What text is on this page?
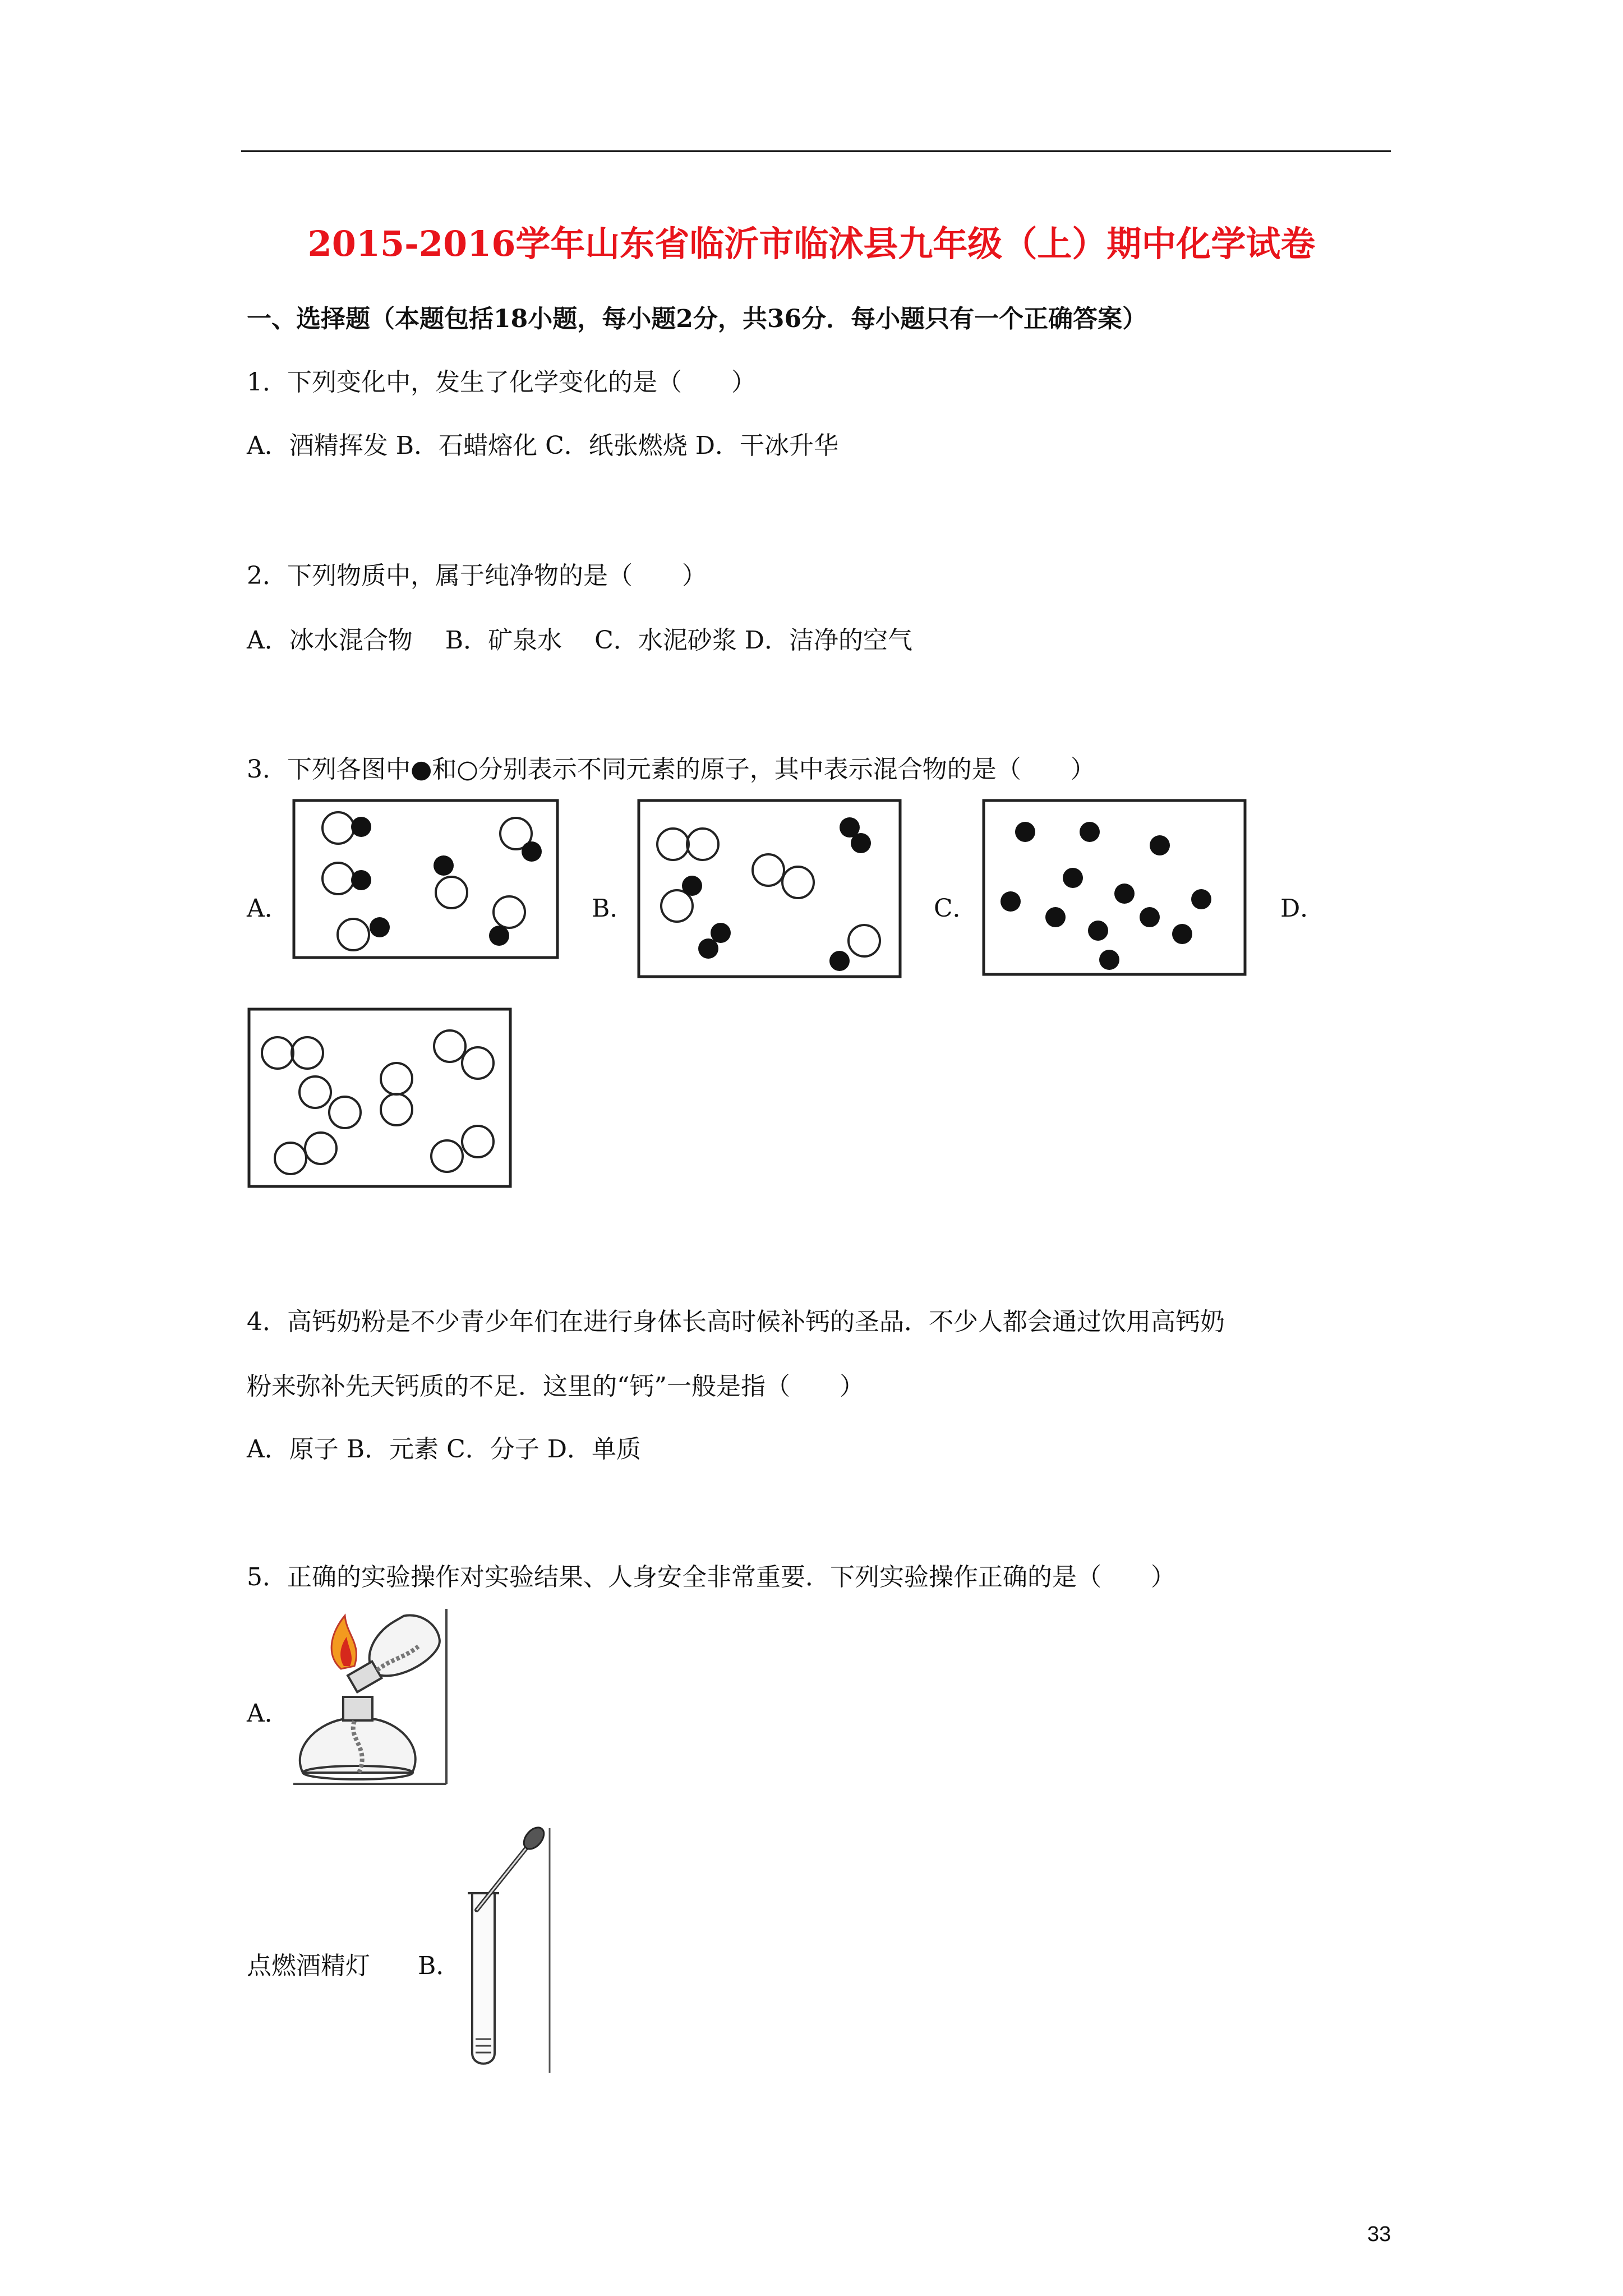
2015-2016学年山东省临沂市临沭县九年级（上）期中化学试卷
一、选择题（本题包括18小题，每小题2分，共36分．每小题只有一个正确答案）
1．下列变化中，发生了化学变化的是（　　）
A．酒精挥发 B．石蜡熔化 C．纸张燃烧 D．干冰升华
2．下列物质中，属于纯净物的是（　　）
A．冰水混合物　 B．矿泉水　 C．水泥砂浆 D．洁净的空气
3．下列各图中●和○分别表示不同元素的原子，其中表示混合物的是（　　）
A．	B．	C．	D．
4．高钙奶粉是不少青少年们在进行身体长高时候补钙的圣品．不少人都会通过饮用高钙奶
粉来弥补先天钙质的不足．这里的“钙”一般是指（　　）
A．原子 B．元素 C．分子 D．单质
5．正确的实验操作对实验结果、人身安全非常重要．下列实验操作正确的是（　　）
A．
点燃酒精灯 B．
33
